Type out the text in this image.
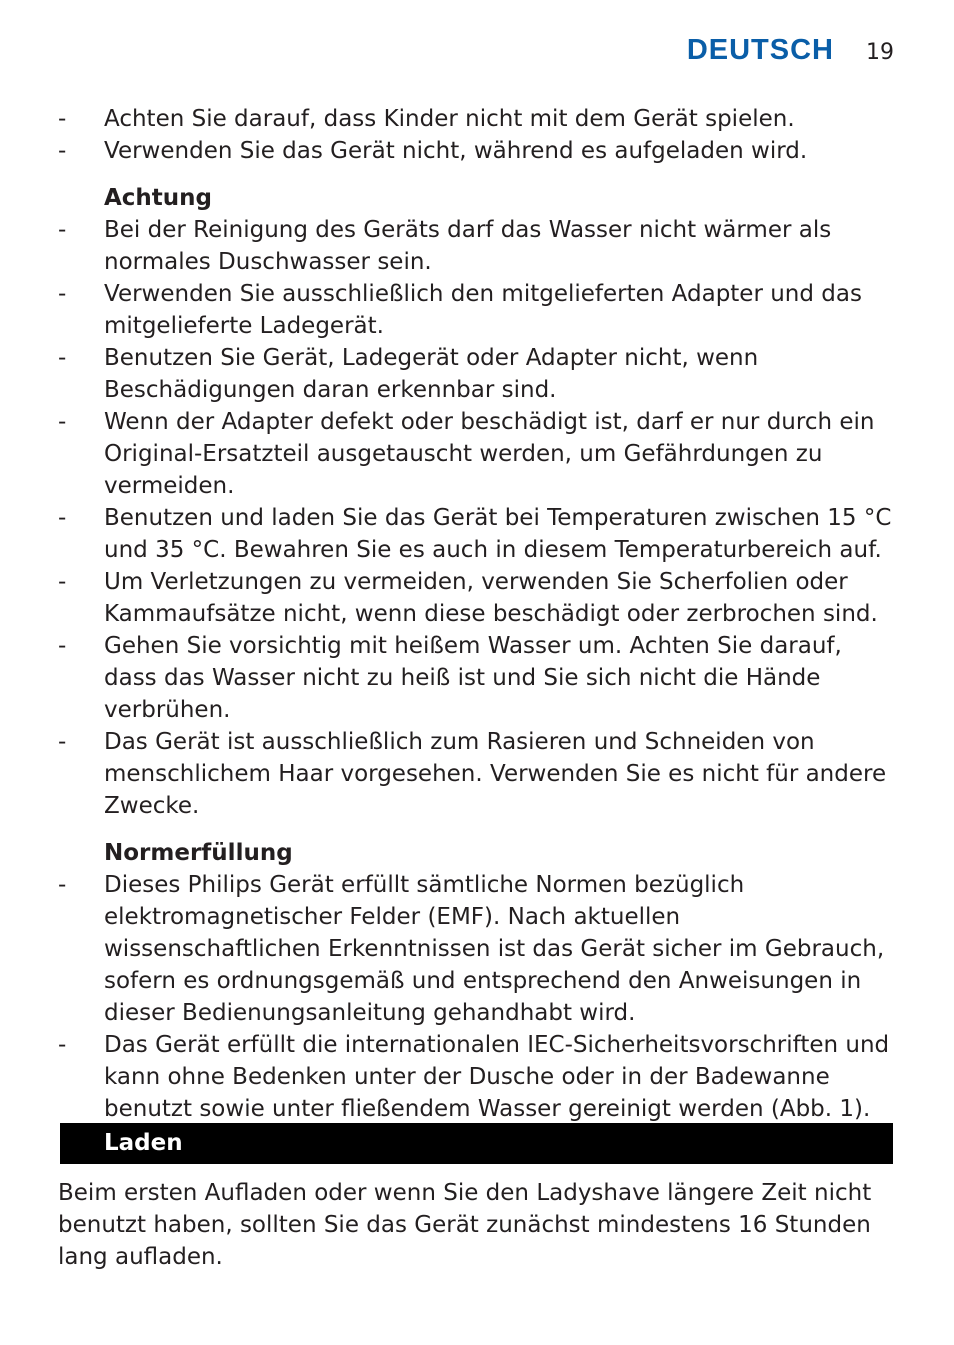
DEUTSCH 19
-	Achten Sie darauf, dass Kinder nicht mit dem Gerät spielen.
-	Verwenden Sie das Gerät nicht, während es aufgeladen wird.
Achtung
-	Bei der Reinigung des Geräts darf das Wasser nicht wärmer als normales Duschwasser sein.
-	Verwenden Sie ausschließlich den mitgelieferten Adapter und das mitgelieferte Ladegerät.
-	Benutzen Sie Gerät, Ladegerät oder Adapter nicht, wenn Beschädigungen daran erkennbar sind.
-	Wenn der Adapter defekt oder beschädigt ist, darf er nur durch ein Original-Ersatzteil ausgetauscht werden, um Gefährdungen zu vermeiden.
-	Benutzen und laden Sie das Gerät bei Temperaturen zwischen 15 °C und 35 °C. Bewahren Sie es auch in diesem Temperaturbereich auf.
-	Um Verletzungen zu vermeiden, verwenden Sie Scherfolien oder Kammaufsätze nicht, wenn diese beschädigt oder zerbrochen sind.
-	Gehen Sie vorsichtig mit heißem Wasser um. Achten Sie darauf, dass das Wasser nicht zu heiß ist und Sie sich nicht die Hände verbrühen.
-	Das Gerät ist ausschließlich zum Rasieren und Schneiden von menschlichem Haar vorgesehen. Verwenden Sie es nicht für andere Zwecke.
Normerfüllung
-	Dieses Philips Gerät erfüllt sämtliche Normen bezüglich elektromagnetischer Felder (EMF). Nach aktuellen wissenschaftlichen Erkenntnissen ist das Gerät sicher im Gebrauch, sofern es ordnungsgemäß und entsprechend den Anweisungen in dieser Bedienungsanleitung gehandhabt wird.
-	Das Gerät erfüllt die internationalen IEC-Sicherheitsvorschriften und kann ohne Bedenken unter der Dusche oder in der Badewanne benutzt sowie unter fließendem Wasser gereinigt werden (Abb. 1).
Laden

Beim ersten Aufladen oder wenn Sie den Ladyshave längere Zeit nicht benutzt haben, sollten Sie das Gerät zunächst mindestens 16 Stunden lang aufladen.
